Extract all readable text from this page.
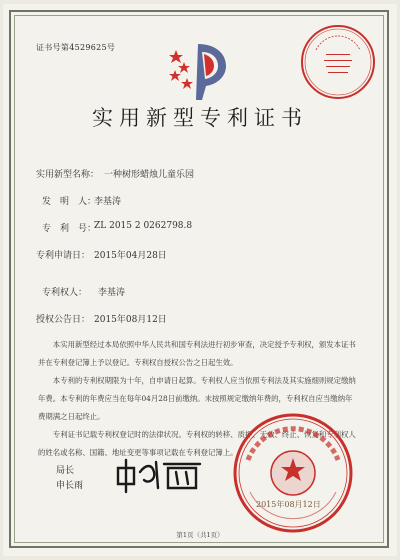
证书号第4529625号
实用新型专利证书
实用新型名称： 一种树形蜡烛儿童乐园
发　明　人：
李基涛
专　利　号：
ZL 2015 2 0262798.8
专利申请日： 2015年04月28日
专利权人： 李基涛
授权公告日： 2015年08月12日
本实用新型经过本局依照中华人民共和国专利法进行初步审查，决定授予专利权，颁发本证书并在专利登记簿上予以登记。专利权自授权公告之日起生效。
本专利的专利权期限为十年，自申请日起算。专利权人应当依照专利法及其实施细则规定缴纳年费。本专利的年费应当在每年04月28日前缴纳。未按照规定缴纳年费的，专利权自应当缴纳年费期满之日起终止。
专利证书记载专利权登记时的法律状况。专利权的转移、质押、无效、终止、恢复和专利权人的姓名或名称、国籍、地址变更等事项记载在专利登记簿上。
局长
申长雨
2015年08月12日
第1页（共1页）
